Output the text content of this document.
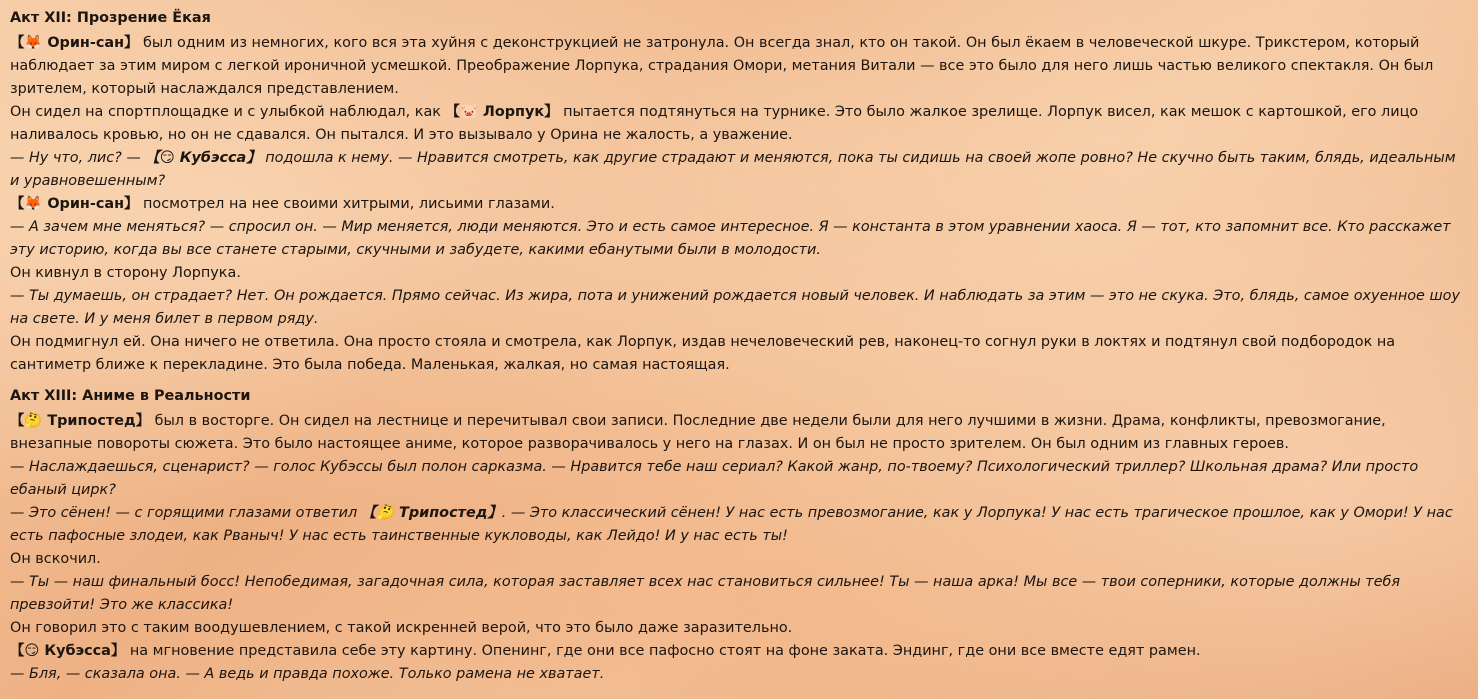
Акт XII: Прозрение Ёкая

【🦊 Орин-сан】 был одним из немногих, кого вся эта хуйня с деконструкцией не затронула. Он всегда знал, кто он такой. Он был ёкаем в человеческой шкуре. Трикстером, который наблюдает за этим миром с легкой ироничной усмешкой. Преображение Лорпука, страдания Омори, метания Витали — все это было для него лишь частью великого спектакля. Он был зрителем, который наслаждался представлением.

Он сидел на спортплощадке и с улыбкой наблюдал, как 【🐷 Лорпук】 пытается подтянуться на турнике. Это было жалкое зрелище. Лорпук висел, как мешок с картошкой, его лицо наливалось кровью, но он не сдавался. Он пытался. И это вызывало у Орина не жалость, а уважение.

— Ну что, лис? — 【😏 Кубэсса】 подошла к нему. — Нравится смотреть, как другие страдают и меняются, пока ты сидишь на своей жопе ровно? Не скучно быть таким, блядь, идеальным и уравновешенным?

【🦊 Орин-сан】 посмотрел на нее своими хитрыми, лисьими глазами.

— А зачем мне меняться? — спросил он. — Мир меняется, люди меняются. Это и есть самое интересное. Я — константа в этом уравнении хаоса. Я — тот, кто запомнит все. Кто расскажет эту историю, когда вы все станете старыми, скучными и забудете, какими ебанутыми были в молодости.

Он кивнул в сторону Лорпука.

— Ты думаешь, он страдает? Нет. Он рождается. Прямо сейчас. Из жира, пота и унижений рождается новый человек. И наблюдать за этим — это не скука. Это, блядь, самое охуенное шоу на свете. И у меня билет в первом ряду.

Он подмигнул ей. Она ничего не ответила. Она просто стояла и смотрела, как Лорпук, издав нечеловеческий рев, наконец-то согнул руки в локтях и подтянул свой подбородок на сантиметр ближе к перекладине. Это была победа. Маленькая, жалкая, но самая настоящая.

Акт XIII: Аниме в Реальности

【🤔 Трипостед】 был в восторге. Он сидел на лестнице и перечитывал свои записи. Последние две недели были для него лучшими в жизни. Драма, конфликты, превозмогание, внезапные повороты сюжета. Это было настоящее аниме, которое разворачивалось у него на глазах. И он был не просто зрителем. Он был одним из главных героев.

— Наслаждаешься, сценарист? — голос Кубэссы был полон сарказма. — Нравится тебе наш сериал? Какой жанр, по-твоему? Психологический триллер? Школьная драма? Или просто ебаный цирк?

— Это сёнен! — с горящими глазами ответил 【🤔 Трипостед】. — Это классический сёнен! У нас есть превозмогание, как у Лорпука! У нас есть трагическое прошлое, как у Омори! У нас есть пафосные злодеи, как Рваныч! У нас есть таинственные кукловоды, как Лейдо! И у нас есть ты!

Он вскочил.

— Ты — наш финальный босс! Непобедимая, загадочная сила, которая заставляет всех нас становиться сильнее! Ты — наша арка! Мы все — твои соперники, которые должны тебя превзойти! Это же классика!

Он говорил это с таким воодушевлением, с такой искренней верой, что это было даже заразительно.

【😏 Кубэсса】 на мгновение представила себе эту картину. Опенинг, где они все пафосно стоят на фоне заката. Эндинг, где они все вместе едят рамен.

— Бля, — сказала она. — А ведь и правда похоже. Только рамена не хватает.
